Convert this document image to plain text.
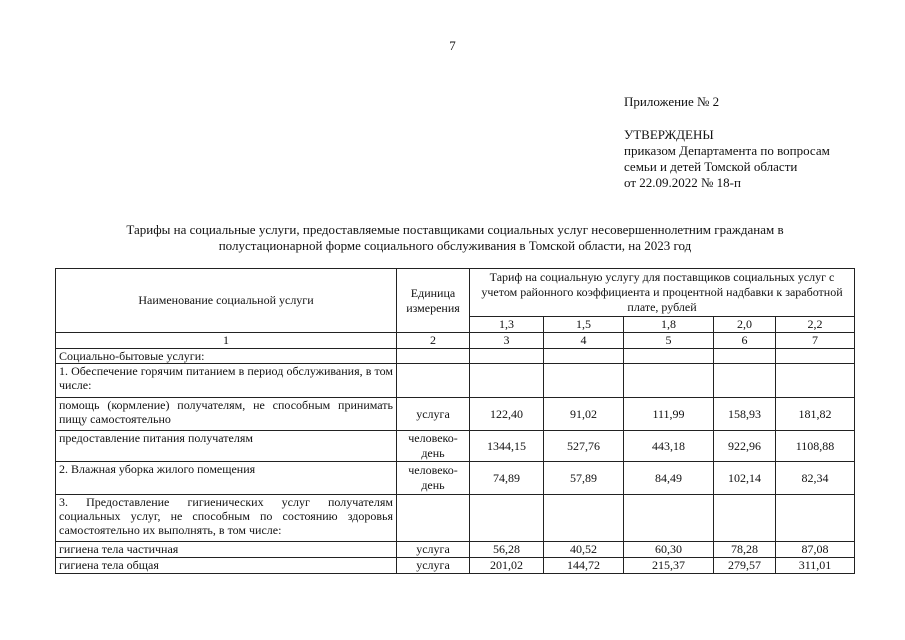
7
Приложение № 2
УТВЕРЖДЕНЫ
приказом Департамента по вопросам
семьи и детей Томской области
от 22.09.2022 № 18-п
Тарифы на социальные услуги, предоставляемые поставщиками социальных услуг несовершеннолетним гражданам в
полустационарной форме социального обслуживания в Томской области, на 2023 год
Наименование социальной услуги	Единица измерения	Тариф на социальную услугу для поставщиков социальных услуг с учетом районного коэффициента и процентной надбавки к заработной плате, рублей				
		1,3	1,5	1,8	2,0	2,2
1	2	3	4	5	6	7
Социально-бытовые услуги:						
1. Обеспечение горячим питанием в период обслуживания, в том числе:						
помощь (кормление) получателям, не способным принимать пищу самостоятельно	услуга	122,40	91,02	111,99	158,93	181,82
предоставление питания получателям	человеко-день	1344,15	527,76	443,18	922,96	1108,88
2. Влажная уборка жилого помещения	человеко-день	74,89	57,89	84,49	102,14	82,34
3. Предоставление гигиенических услуг получателям социальных услуг, не способным по состоянию здоровья самостоятельно их выполнять, в том числе:						
гигиена тела частичная	услуга	56,28	40,52	60,30	78,28	87,08
гигиена тела общая	услуга	201,02	144,72	215,37	279,57	311,01
